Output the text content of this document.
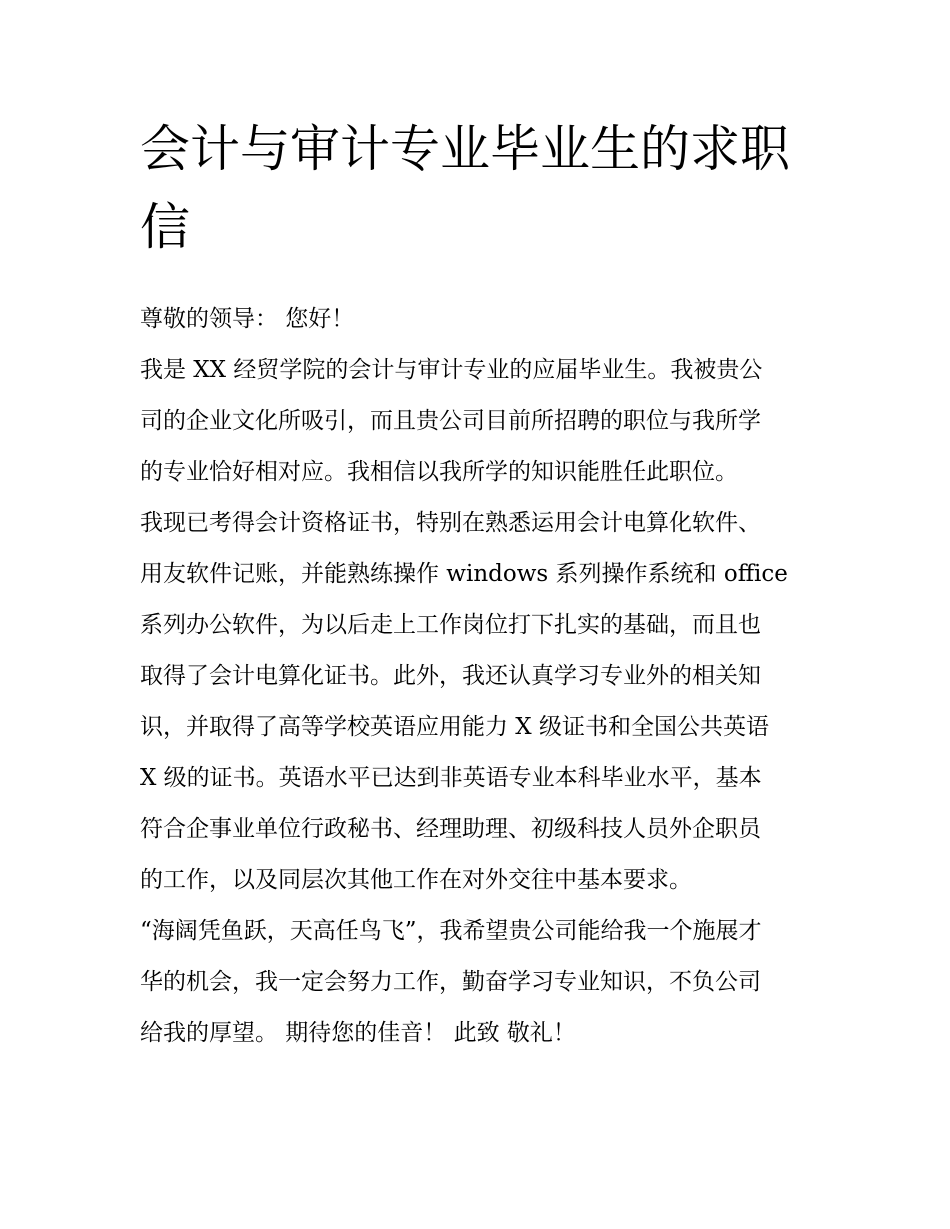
会计与审计专业毕业生的求职
信

尊敬的领导： 您好！

我是 XX 经贸学院的会计与审计专业的应届毕业生。我被贵公

司的企业文化所吸引，而且贵公司目前所招聘的职位与我所学

的专业恰好相对应。我相信以我所学的知识能胜任此职位。

我现已考得会计资格证书，特别在熟悉运用会计电算化软件、

用友软件记账，并能熟练操作 windows 系列操作系统和 office

系列办公软件，为以后走上工作岗位打下扎实的基础，而且也

取得了会计电算化证书。此外，我还认真学习专业外的相关知

识，并取得了高等学校英语应用能力 X 级证书和全国公共英语

X 级的证书。英语水平已达到非英语专业本科毕业水平，基本

符合企事业单位行政秘书、经理助理、初级科技人员外企职员

的工作，以及同层次其他工作在对外交往中基本要求。

“海阔凭鱼跃，天高任鸟飞”，我希望贵公司能给我一个施展才

华的机会，我一定会努力工作，勤奋学习专业知识，不负公司

给我的厚望。 期待您的佳音！ 此致 敬礼！
